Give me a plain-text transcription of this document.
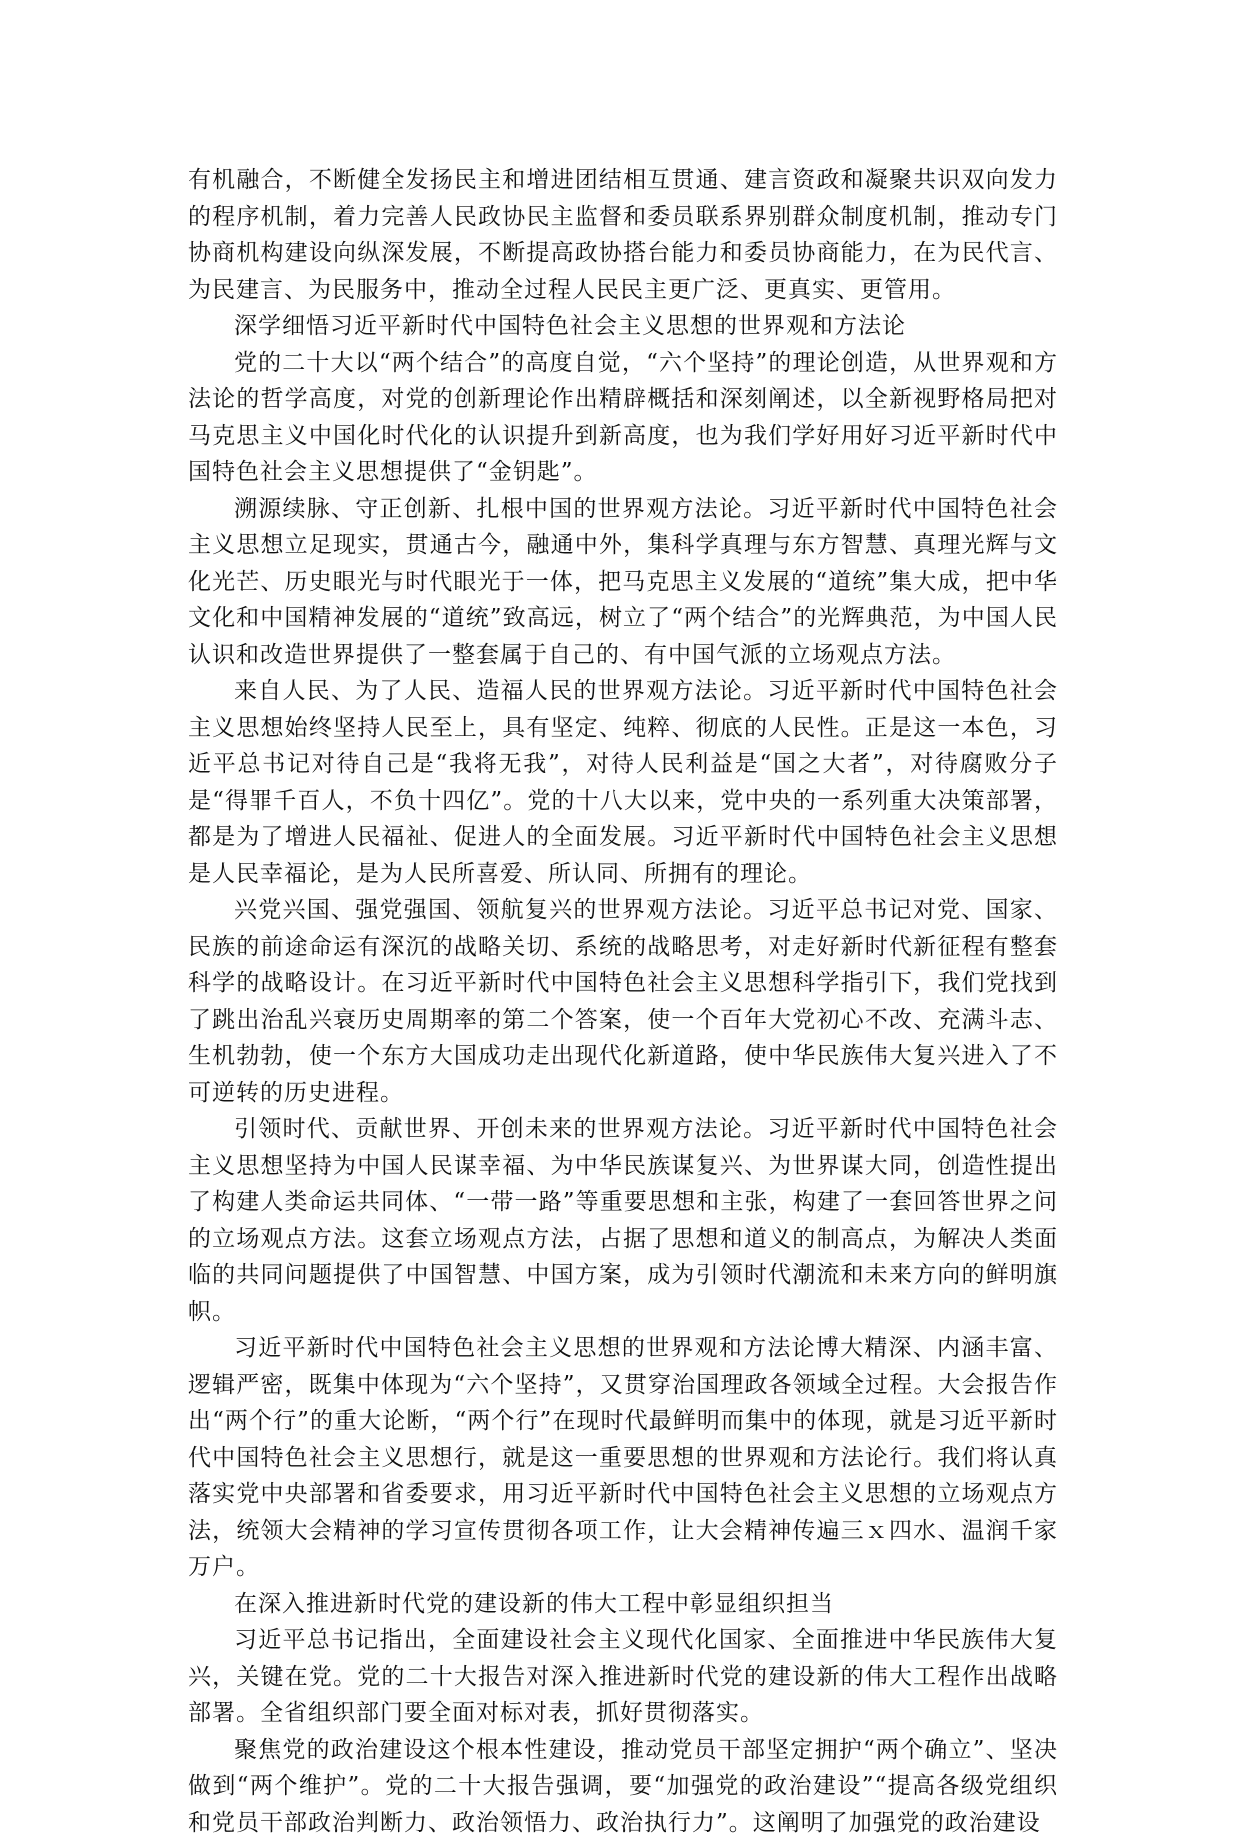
有机融合，不断健全发扬民主和增进团结相互贯通、建言资政和凝聚共识双向发力的程序机制，着力完善人民政协民主监督和委员联系界别群众制度机制，推动专门协商机构建设向纵深发展，不断提高政协搭台能力和委员协商能力，在为民代言、为民建言、为民服务中，推动全过程人民民主更广泛、更真实、更管用。

深学细悟习近平新时代中国特色社会主义思想的世界观和方法论

党的二十大以“两个结合”的高度自觉，“六个坚持”的理论创造，从世界观和方法论的哲学高度，对党的创新理论作出精辟概括和深刻阐述，以全新视野格局把对马克思主义中国化时代化的认识提升到新高度，也为我们学好用好习近平新时代中国特色社会主义思想提供了“金钥匙”。

溯源续脉、守正创新、扎根中国的世界观方法论。习近平新时代中国特色社会主义思想立足现实，贯通古今，融通中外，集科学真理与东方智慧、真理光辉与文化光芒、历史眼光与时代眼光于一体，把马克思主义发展的“道统”集大成，把中华文化和中国精神发展的“道统”致高远，树立了“两个结合”的光辉典范，为中国人民认识和改造世界提供了一整套属于自己的、有中国气派的立场观点方法。

来自人民、为了人民、造福人民的世界观方法论。习近平新时代中国特色社会主义思想始终坚持人民至上，具有坚定、纯粹、彻底的人民性。正是这一本色，习近平总书记对待自己是“我将无我”，对待人民利益是“国之大者”，对待腐败分子是“得罪千百人，不负十四亿”。党的十八大以来，党中央的一系列重大决策部署，都是为了增进人民福祉、促进人的全面发展。习近平新时代中国特色社会主义思想是人民幸福论，是为人民所喜爱、所认同、所拥有的理论。

兴党兴国、强党强国、领航复兴的世界观方法论。习近平总书记对党、国家、民族的前途命运有深沉的战略关切、系统的战略思考，对走好新时代新征程有整套科学的战略设计。在习近平新时代中国特色社会主义思想科学指引下，我们党找到了跳出治乱兴衰历史周期率的第二个答案，使一个百年大党初心不改、充满斗志、生机勃勃，使一个东方大国成功走出现代化新道路，使中华民族伟大复兴进入了不可逆转的历史进程。

引领时代、贡献世界、开创未来的世界观方法论。习近平新时代中国特色社会主义思想坚持为中国人民谋幸福、为中华民族谋复兴、为世界谋大同，创造性提出了构建人类命运共同体、“一带一路”等重要思想和主张，构建了一套回答世界之问的立场观点方法。这套立场观点方法，占据了思想和道义的制高点，为解决人类面临的共同问题提供了中国智慧、中国方案，成为引领时代潮流和未来方向的鲜明旗帜。

习近平新时代中国特色社会主义思想的世界观和方法论博大精深、内涵丰富、逻辑严密，既集中体现为“六个坚持”，又贯穿治国理政各领域全过程。大会报告作出“两个行”的重大论断，“两个行”在现时代最鲜明而集中的体现，就是习近平新时代中国特色社会主义思想行，就是这一重要思想的世界观和方法论行。我们将认真落实党中央部署和省委要求，用习近平新时代中国特色社会主义思想的立场观点方法，统领大会精神的学习宣传贯彻各项工作，让大会精神传遍三ｘ四水、温润千家万户。

在深入推进新时代党的建设新的伟大工程中彰显组织担当

习近平总书记指出，全面建设社会主义现代化国家、全面推进中华民族伟大复兴，关键在党。党的二十大报告对深入推进新时代党的建设新的伟大工程作出战略部署。全省组织部门要全面对标对表，抓好贯彻落实。

聚焦党的政治建设这个根本性建设，推动党员干部坚定拥护“两个确立”、坚决做到“两个维护”。党的二十大报告强调，要“加强党的政治建设”“提高各级党组织和党员干部政治判断力、政治领悟力、政治执行力”。这阐明了加强党的政治建设
